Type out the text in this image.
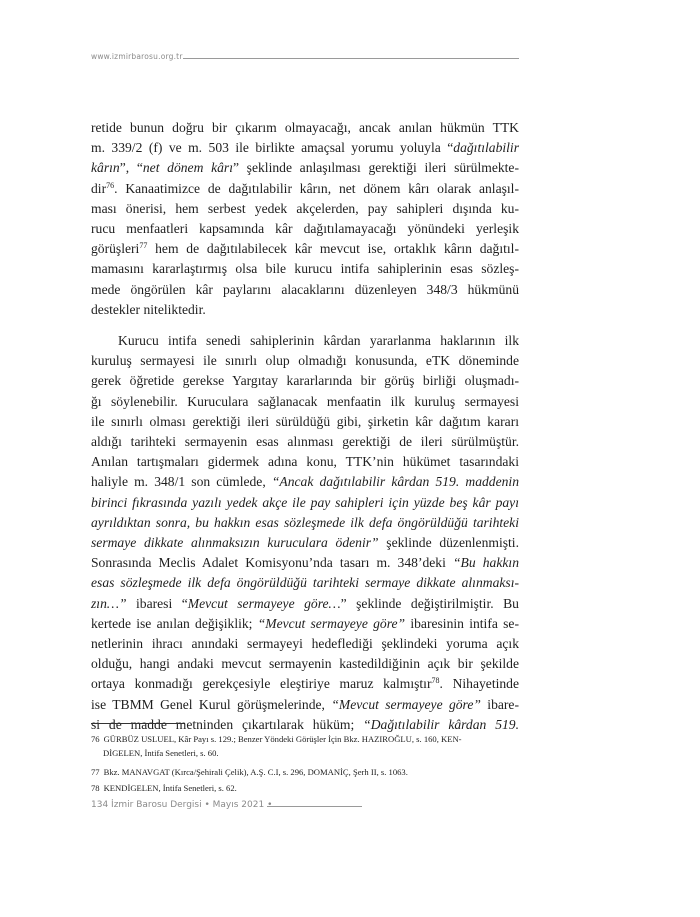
www.izmirbarosu.org.tr
retide bunun doğru bir çıkarım olmayacağı, ancak anılan hükmün TTK
m. 339/2 (f) ve m. 503 ile birlikte amaçsal yorumu yoluyla “dağıtılabilir
kârın”, “net dönem kârı” şeklinde anlaşılması gerektiği ileri sürülmekte-
dir$^{76}$. Kanaatimizce de dağıtılabilir kârın, net dönem kârı olarak anlaşıl-
ması önerisi, hem serbest yedek akçelerden, pay sahipleri dışında ku-
rucu menfaatleri kapsamında kâr dağıtılamayacağı yönündeki yerleşik
görüşleri$^{77}$ hem de dağıtılabilecek kâr mevcut ise, ortaklık kârın dağıtıl-
mamasını kararlaştırmış olsa bile kurucu intifa sahiplerinin esas sözleş-
mede öngörülen kâr paylarını alacaklarını düzenleyen 348/3 hükmünü
destekler niteliktedir.
Kurucu intifa senedi sahiplerinin kârdan yararlanma haklarının ilk
kuruluş sermayesi ile sınırlı olup olmadığı konusunda, eTK döneminde
gerek öğretide gerekse Yargıtay kararlarında bir görüş birliği oluşmadı-
ğı söylenebilir. Kuruculara sağlanacak menfaatin ilk kuruluş sermayesi
ile sınırlı olması gerektiği ileri sürüldüğü gibi, şirketin kâr dağıtım kararı
aldığı tarihteki sermayenin esas alınması gerektiği de ileri sürülmüştür.
Anılan tartışmaları gidermek adına konu, TTK’nin hükümet tasarındaki
haliyle m. 348/1 son cümlede, “Ancak dağıtılabilir kârdan 519. maddenin
birinci fıkrasında yazılı yedek akçe ile pay sahipleri için yüzde beş kâr payı
ayrıldıktan sonra, bu hakkın esas sözleşmede ilk defa öngörüldüğü tarihteki
sermaye dikkate alınmaksızın kuruculara ödenir” şeklinde düzenlenmişti.
Sonrasında Meclis Adalet Komisyonu’nda tasarı m. 348’deki “Bu hakkın
esas sözleşmede ilk defa öngörüldüğü tarihteki sermaye dikkate alınmaksı-
zın…” ibaresi “Mevcut sermayeye göre…” şeklinde değiştirilmiştir. Bu
kertede ise anılan değişiklik; “Mevcut sermayeye göre” ibaresinin intifa se-
netlerinin ihracı anındaki sermayeyi hedeflediği şeklindeki yoruma açık
olduğu, hangi andaki mevcut sermayenin kastedildiğinin açık bir şekilde
ortaya konmadığı gerekçesiyle eleştiriye maruz kalmıştır$^{78}$. Nihayetinde
ise TBMM Genel Kurul görüşmelerinde, “Mevcut sermayeye göre” ibare-
si de madde metninden çıkartılarak hüküm; “Dağıtılabilir kârdan 519.
76 GÜRBÜZ USLUEL, Kâr Payı s. 129.; Benzer Yöndeki Görüşler İçin Bkz. HAZIROĞLU, s. 160, KEN-
DİGELEN, İntifa Senetleri, s. 60.
77 Bkz. MANAVGAT (Kırca/Şehirali Çelik), A.Ş. C.I, s. 296, DOMANİÇ, Şerh II, s. 1063.
78 KENDİGELEN, İntifa Senetleri, s. 62.
134 İzmir Barosu Dergisi • Mayıs 2021 •
